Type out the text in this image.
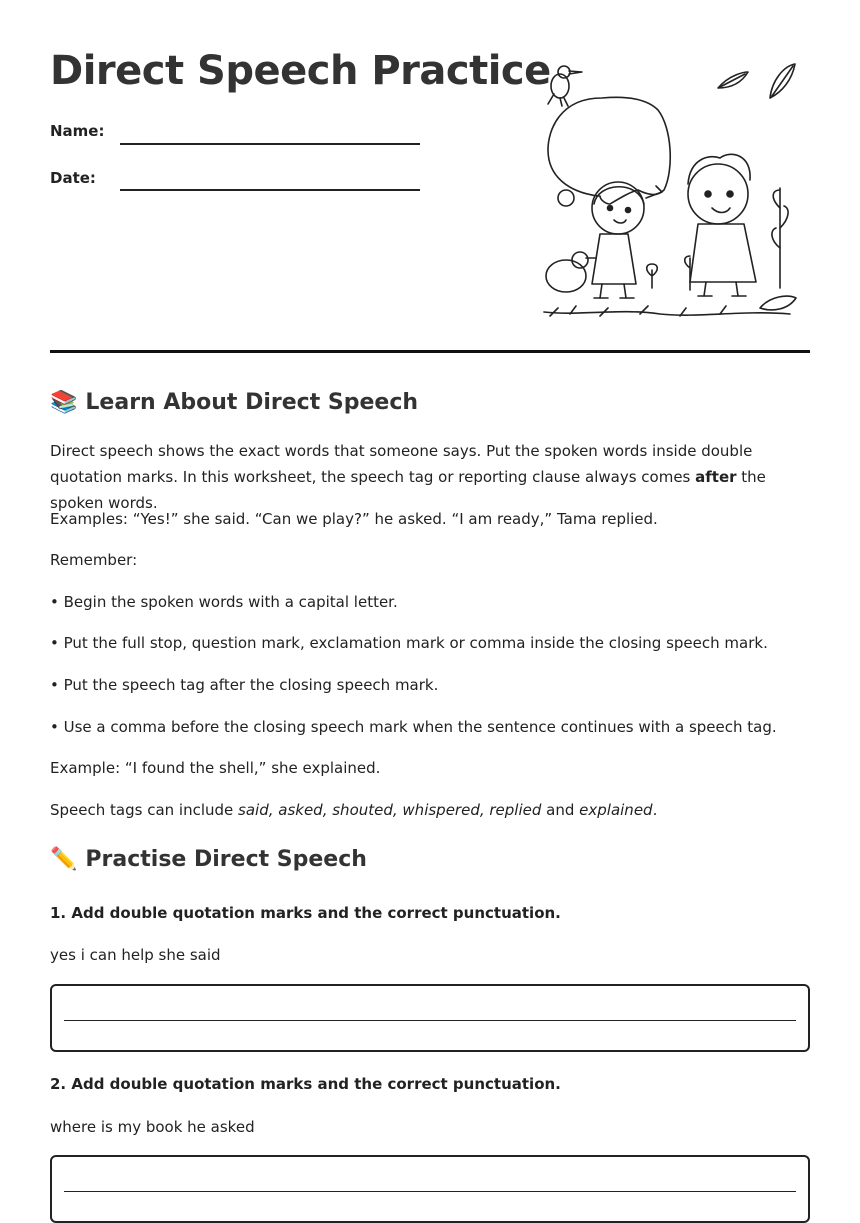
Direct Speech Practice
Name:
Date:
📚 Learn About Direct Speech

Direct speech shows the exact words that someone says. Put the spoken words inside double quotation marks. In this worksheet, the speech tag or reporting clause always comes after the spoken words.

Examples: “Yes!” she said. “Can we play?” he asked. “I am ready,” Tama replied.

Remember:

• Begin the spoken words with a capital letter.

• Put the full stop, question mark, exclamation mark or comma inside the closing speech mark.

• Put the speech tag after the closing speech mark.

• Use a comma before the closing speech mark when the sentence continues with a speech tag.

Example: “I found the shell,” she explained.

Speech tags can include said, asked, shouted, whispered, replied and explained.

✏️ Practise Direct Speech

1. Add double quotation marks and the correct punctuation.

yes i can help she said

2. Add double quotation marks and the correct punctuation.

where is my book he asked
